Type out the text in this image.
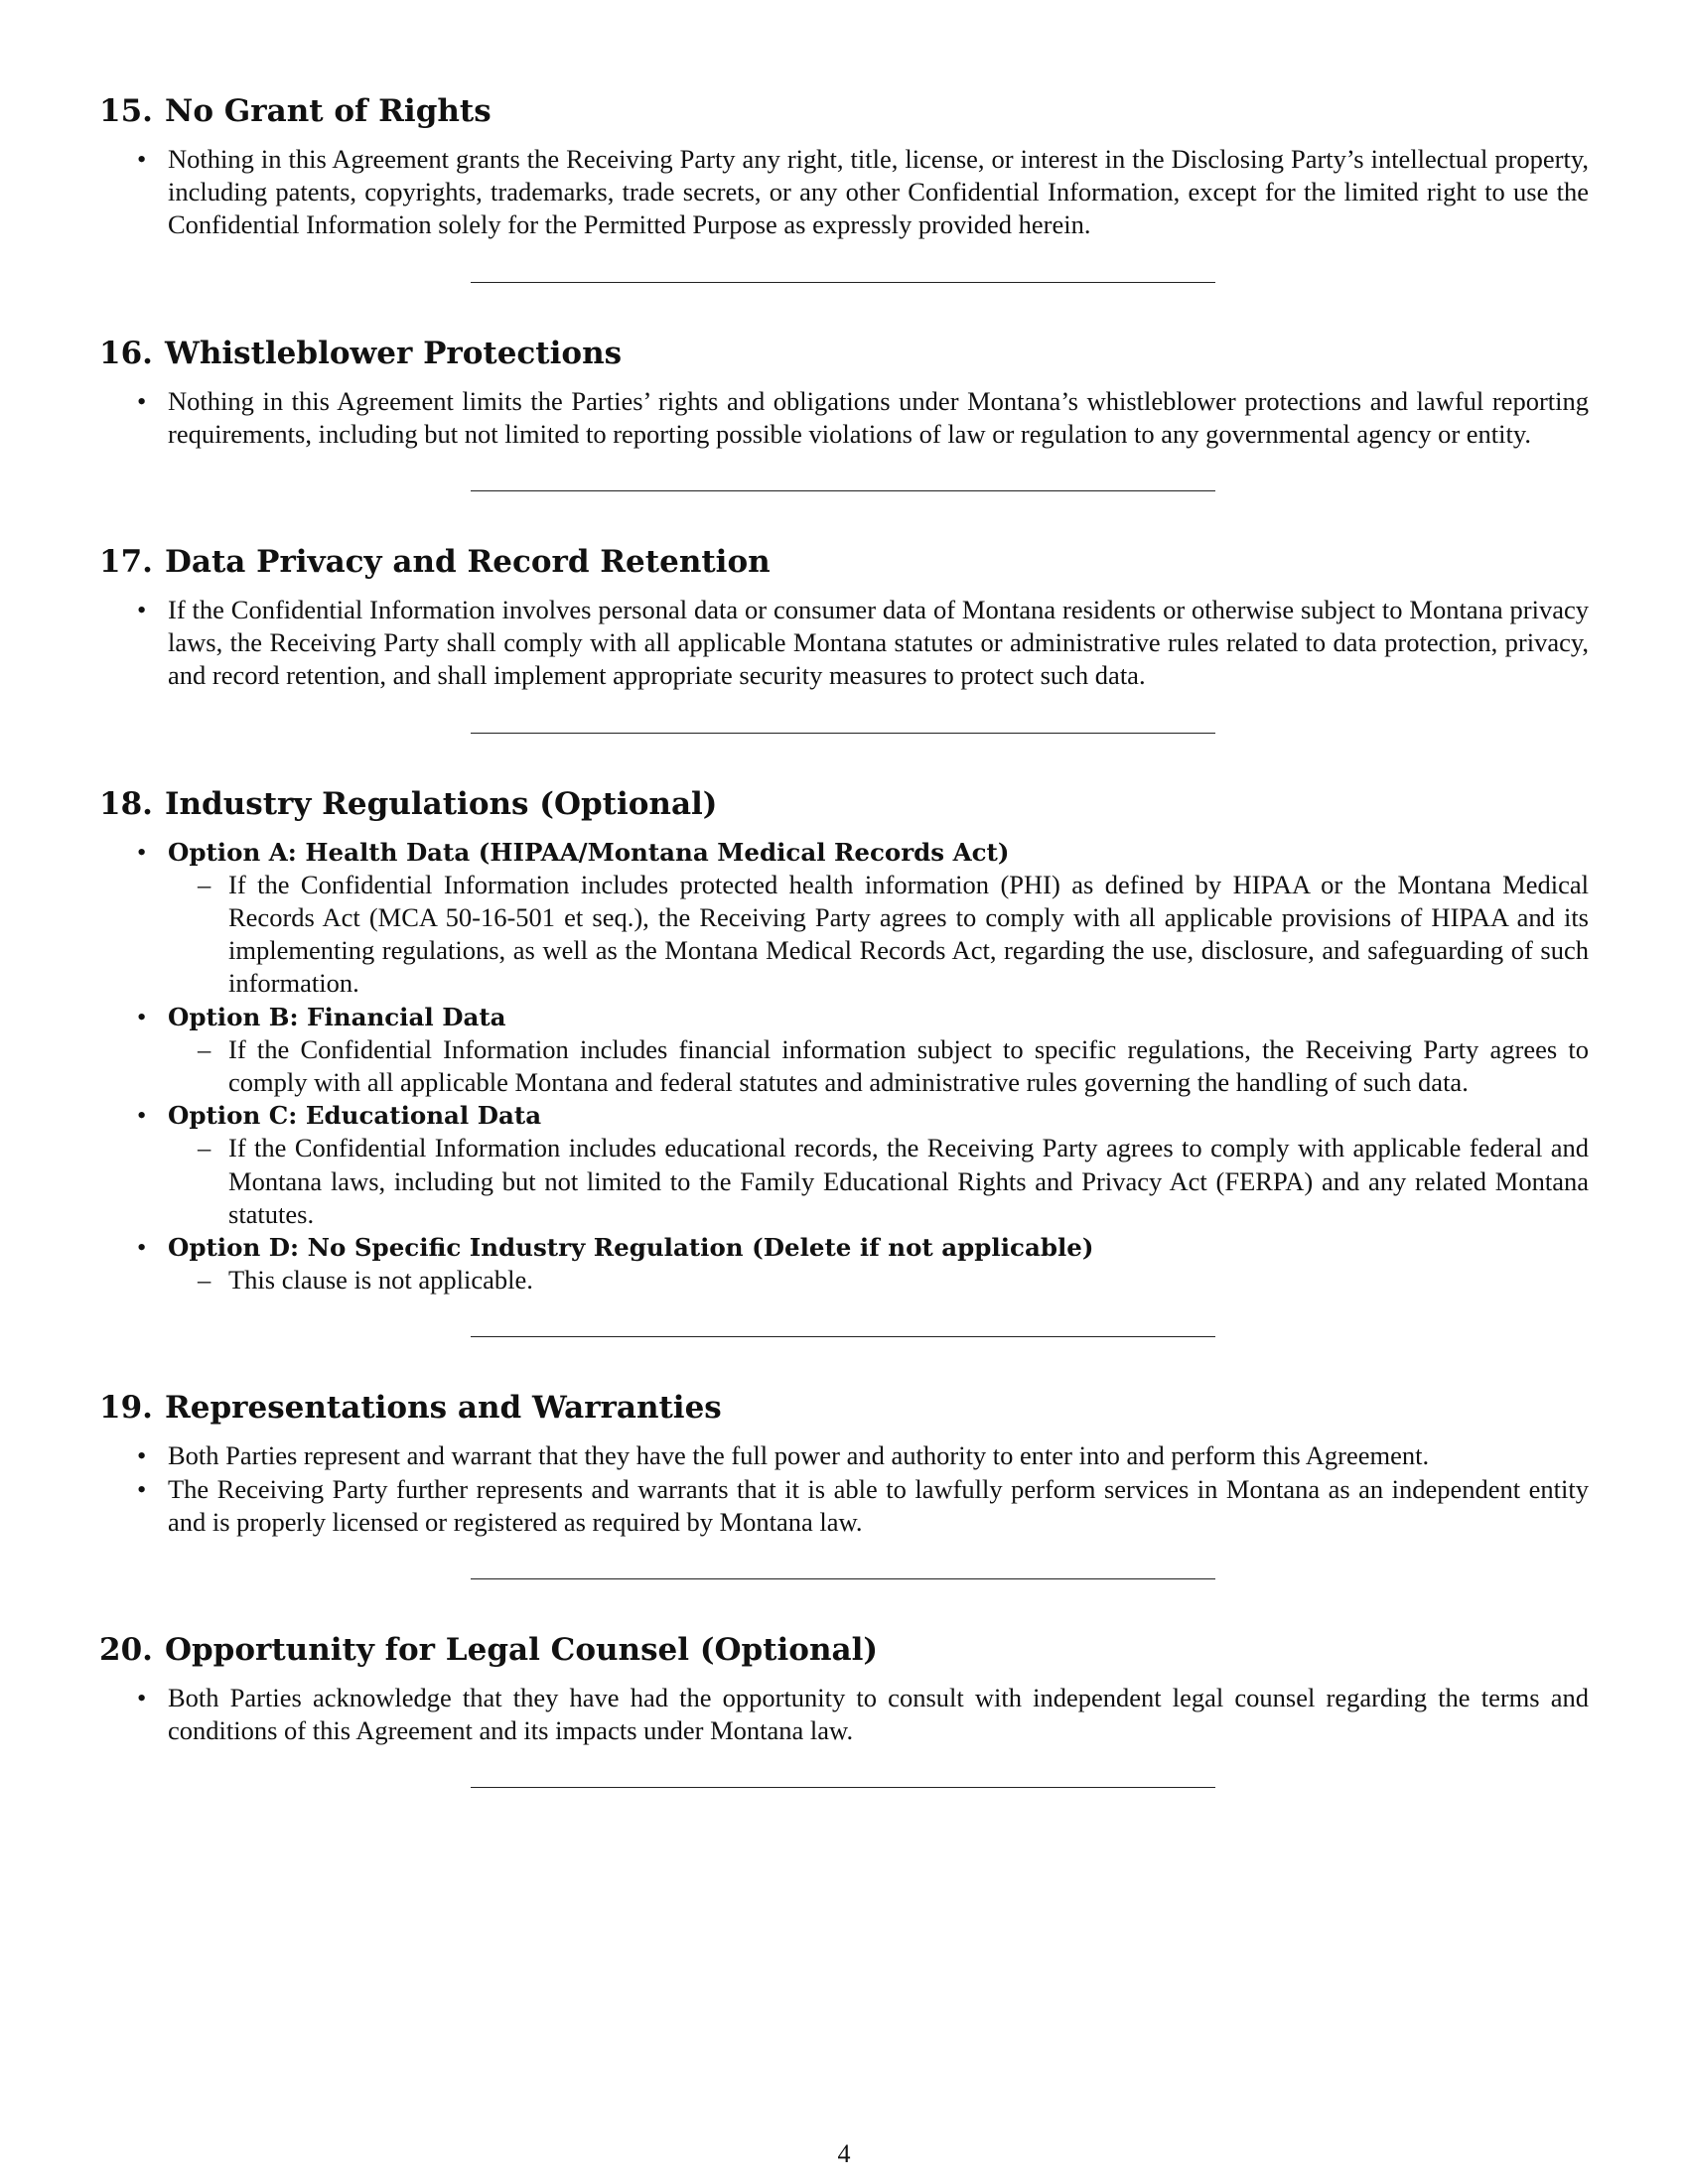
15. No Grant of Rights
• Nothing in this Agreement grants the Receiving Party any right, title, license, or interest in the Disclosing Party’s intellectual property, including patents, copyrights, trademarks, trade secrets, or any other Confidential Information, except for the limited right to use the Confidential Information solely for the Permitted Purpose as expressly provided herein.
16. Whistleblower Protections
• Nothing in this Agreement limits the Parties’ rights and obligations under Montana’s whistleblower protections and lawful reporting requirements, including but not limited to reporting possible violations of law or regulation to any governmental agency or entity.
17. Data Privacy and Record Retention
• If the Confidential Information involves personal data or consumer data of Montana residents or otherwise subject to Montana privacy laws, the Receiving Party shall comply with all applicable Montana statutes or administrative rules related to data protection, privacy, and record retention, and shall implement appropriate security measures to protect such data.
18. Industry Regulations (Optional)
• Option A: Health Data (HIPAA/Montana Medical Records Act)
– If the Confidential Information includes protected health information (PHI) as defined by HIPAA or the Montana Medical Records Act (MCA 50-16-501 et seq.), the Receiving Party agrees to comply with all applicable provisions of HIPAA and its implementing regulations, as well as the Montana Medical Records Act, regarding the use, disclosure, and safeguarding of such information.
• Option B: Financial Data
– If the Confidential Information includes financial information subject to specific regulations, the Receiving Party agrees to comply with all applicable Montana and federal statutes and administrative rules governing the handling of such data.
• Option C: Educational Data
– If the Confidential Information includes educational records, the Receiving Party agrees to comply with applicable federal and Montana laws, including but not limited to the Family Educational Rights and Privacy Act (FERPA) and any related Montana statutes.
• Option D: No Specific Industry Regulation (Delete if not applicable)
– This clause is not applicable.
19. Representations and Warranties
• Both Parties represent and warrant that they have the full power and authority to enter into and perform this Agreement.
• The Receiving Party further represents and warrants that it is able to lawfully perform services in Montana as an independent entity and is properly licensed or registered as required by Montana law.
20. Opportunity for Legal Counsel (Optional)
• Both Parties acknowledge that they have had the opportunity to consult with independent legal counsel regarding the terms and conditions of this Agreement and its impacts under Montana law.
4
